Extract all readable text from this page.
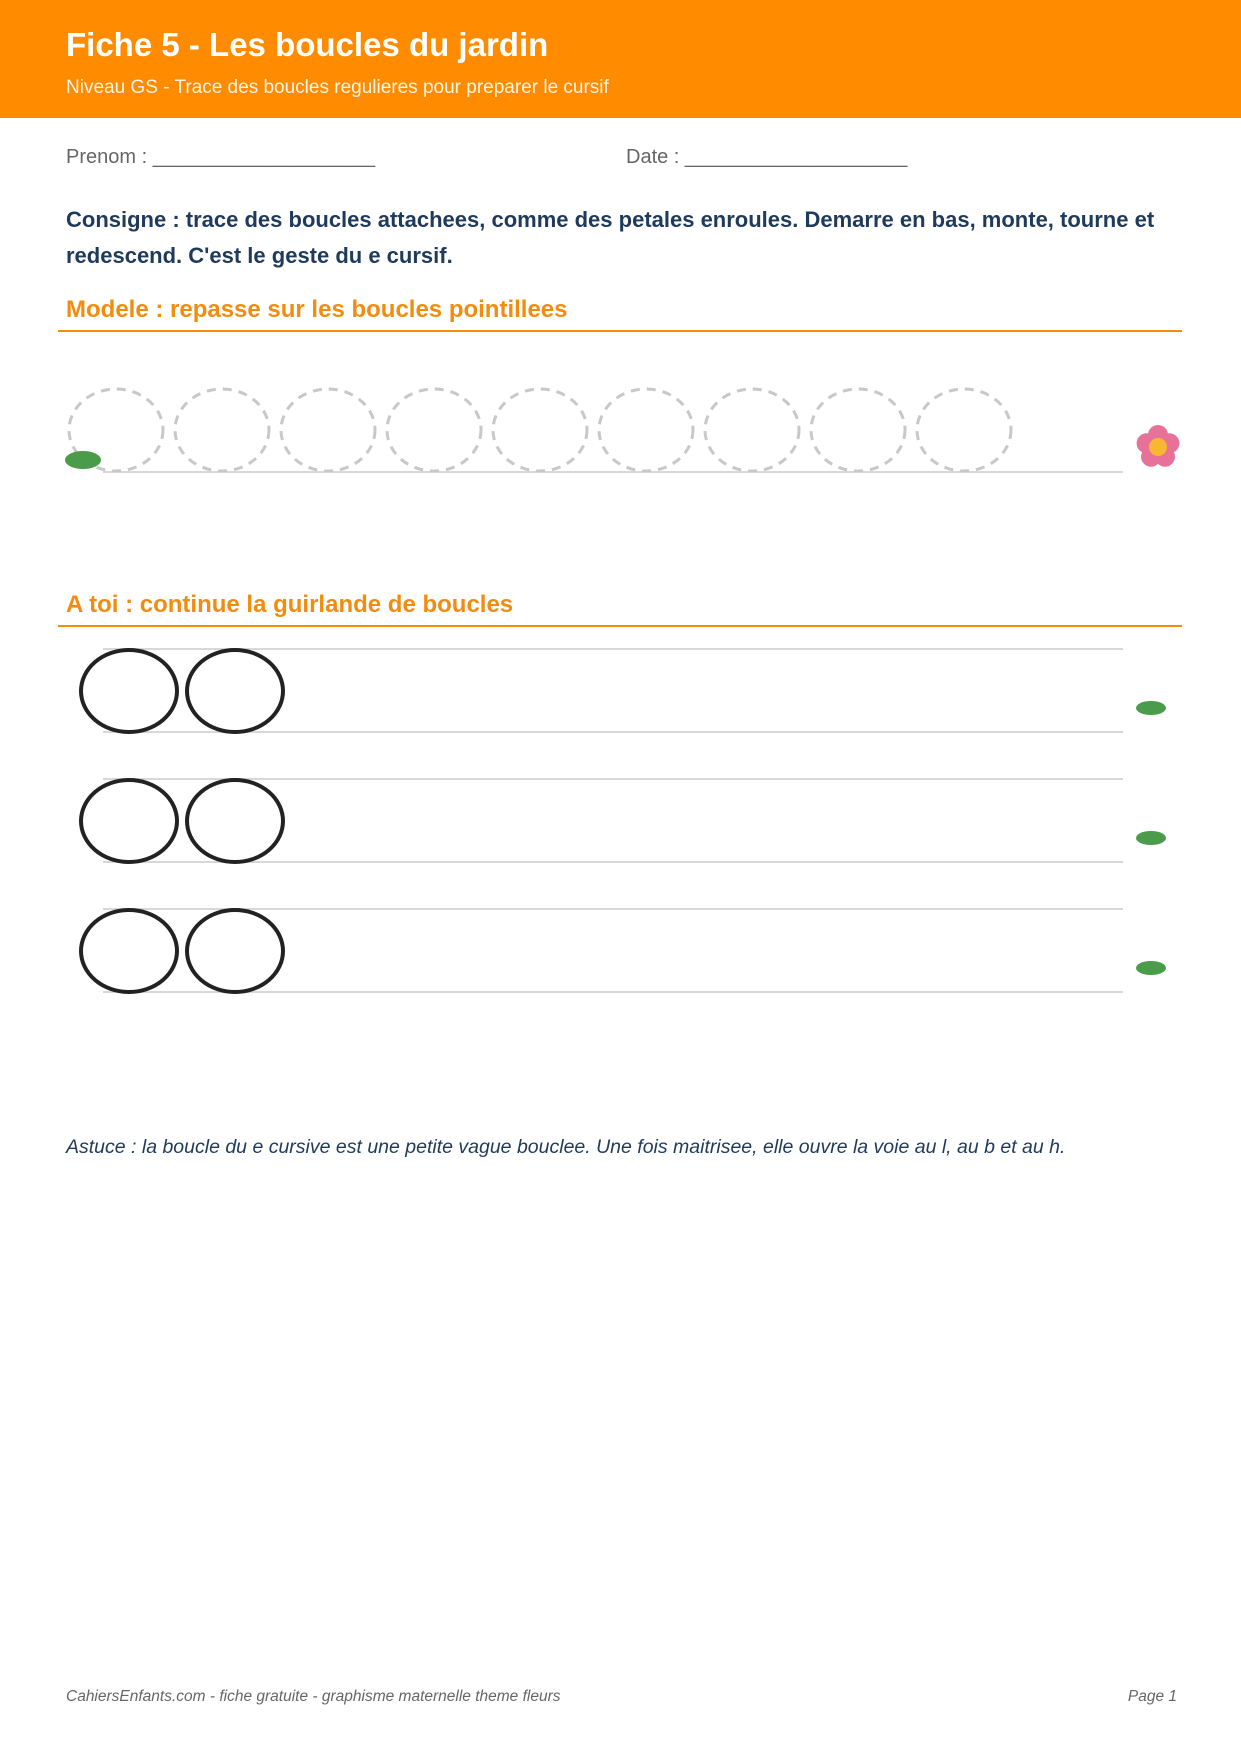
Fiche 5 - Les boucles du jardin
Niveau GS - Trace des boucles regulieres pour preparer le cursif
Prenom : ____________________	Date : ____________________
Consigne : trace des boucles attachees, comme des petales enroules. Demarre en bas, monte, tourne et redescend. C'est le geste du e cursif.
Modele : repasse sur les boucles pointillees
A toi : continue la guirlande de boucles
Astuce : la boucle du e cursive est une petite vague bouclee. Une fois maitrisee, elle ouvre la voie au l, au b et au h.
CahiersEnfants.com - fiche gratuite - graphisme maternelle theme fleurs	Page 1
